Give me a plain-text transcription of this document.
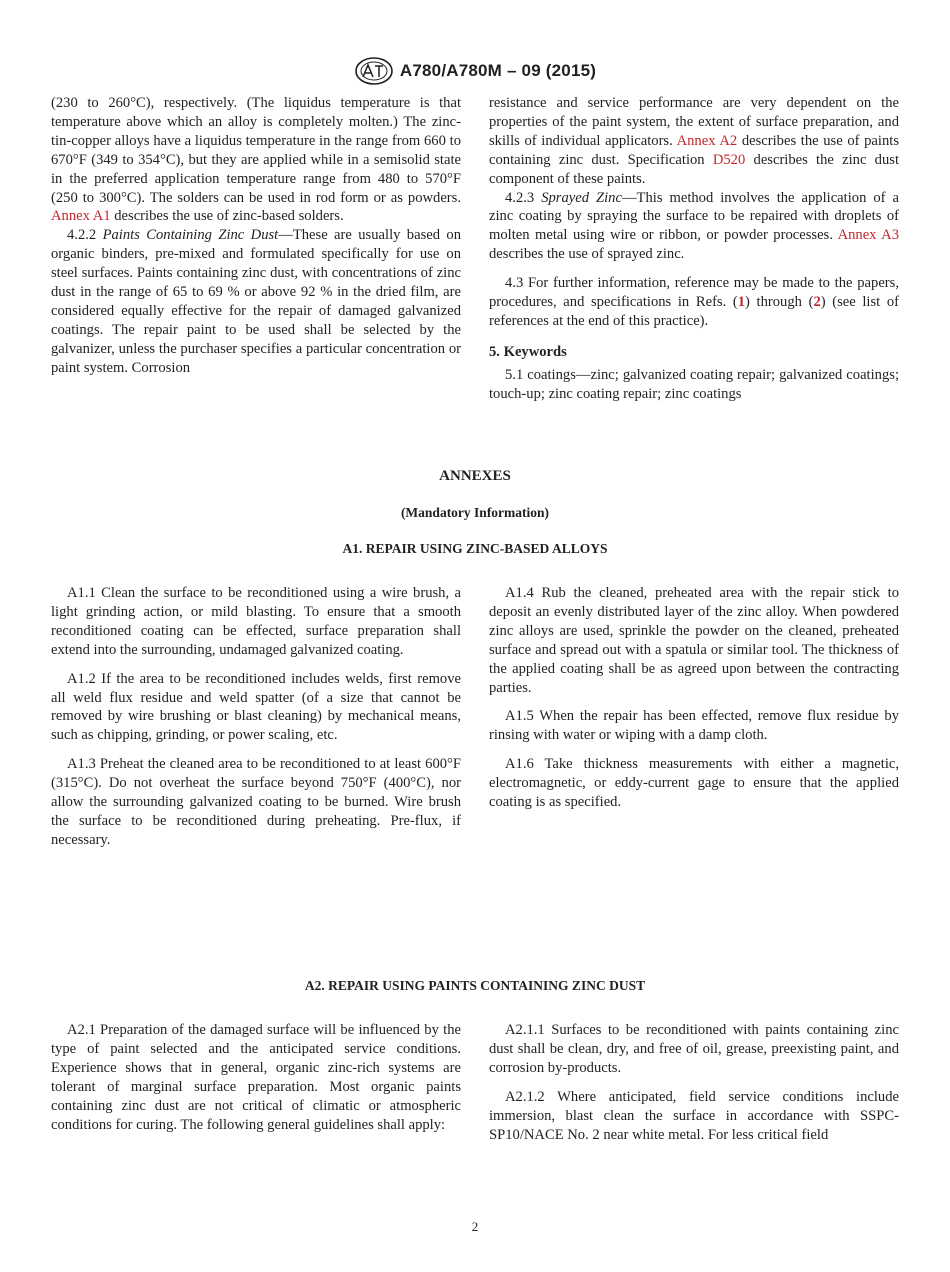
A780/A780M – 09 (2015)

(230 to 260°C), respectively. (The liquidus temperature is that temperature above which an alloy is completely molten.) The zinc-tin-copper alloys have a liquidus temperature in the range from 660 to 670°F (349 to 354°C), but they are applied while in a semisolid state in the preferred application temperature range from 480 to 570°F (250 to 300°C). The solders can be used in rod form or as powders. Annex A1 describes the use of zinc-based solders.

4.2.2 Paints Containing Zinc Dust—These are usually based on organic binders, pre-mixed and formulated specifically for use on steel surfaces. Paints containing zinc dust, with concentrations of zinc dust in the range of 65 to 69 % or above 92 % in the dried film, are considered equally effective for the repair of damaged galvanized coatings. The repair paint to be used shall be selected by the galvanizer, unless the purchaser specifies a particular concentration or paint system. Corrosion

resistance and service performance are very dependent on the properties of the paint system, the extent of surface preparation, and skills of individual applicators. Annex A2 describes the use of paints containing zinc dust. Specification D520 describes the zinc dust component of these paints.

4.2.3 Sprayed Zinc—This method involves the application of a zinc coating by spraying the surface to be repaired with droplets of molten metal using wire or ribbon, or powder processes. Annex A3 describes the use of sprayed zinc.

4.3 For further information, reference may be made to the papers, procedures, and specifications in Refs. (1) through (2) (see list of references at the end of this practice).

5. Keywords

5.1 coatings—zinc; galvanized coating repair; galvanized coatings; touch-up; zinc coating repair; zinc coatings

ANNEXES
(Mandatory Information)
A1. REPAIR USING ZINC-BASED ALLOYS

A1.1 Clean the surface to be reconditioned using a wire brush, a light grinding action, or mild blasting. To ensure that a smooth reconditioned coating can be effected, surface preparation shall extend into the surrounding, undamaged galvanized coating.

A1.2 If the area to be reconditioned includes welds, first remove all weld flux residue and weld spatter (of a size that cannot be removed by wire brushing or blast cleaning) by mechanical means, such as chipping, grinding, or power scaling, etc.

A1.3 Preheat the cleaned area to be reconditioned to at least 600°F (315°C). Do not overheat the surface beyond 750°F (400°C), nor allow the surrounding galvanized coating to be burned. Wire brush the surface to be reconditioned during preheating. Pre-flux, if necessary.

A1.4 Rub the cleaned, preheated area with the repair stick to deposit an evenly distributed layer of the zinc alloy. When powdered zinc alloys are used, sprinkle the powder on the cleaned, preheated surface and spread out with a spatula or similar tool. The thickness of the applied coating shall be as agreed upon between the contracting parties.

A1.5 When the repair has been effected, remove flux residue by rinsing with water or wiping with a damp cloth.

A1.6 Take thickness measurements with either a magnetic, electromagnetic, or eddy-current gage to ensure that the applied coating is as specified.

A2. REPAIR USING PAINTS CONTAINING ZINC DUST

A2.1 Preparation of the damaged surface will be influenced by the type of paint selected and the anticipated service conditions. Experience shows that in general, organic zinc-rich systems are tolerant of marginal surface preparation. Most organic paints containing zinc dust are not critical of climatic or atmospheric conditions for curing. The following general guidelines shall apply:

A2.1.1 Surfaces to be reconditioned with paints containing zinc dust shall be clean, dry, and free of oil, grease, preexisting paint, and corrosion by-products.

A2.1.2 Where anticipated, field service conditions include immersion, blast clean the surface in accordance with SSPC-SP10/NACE No. 2 near white metal. For less critical field

2
